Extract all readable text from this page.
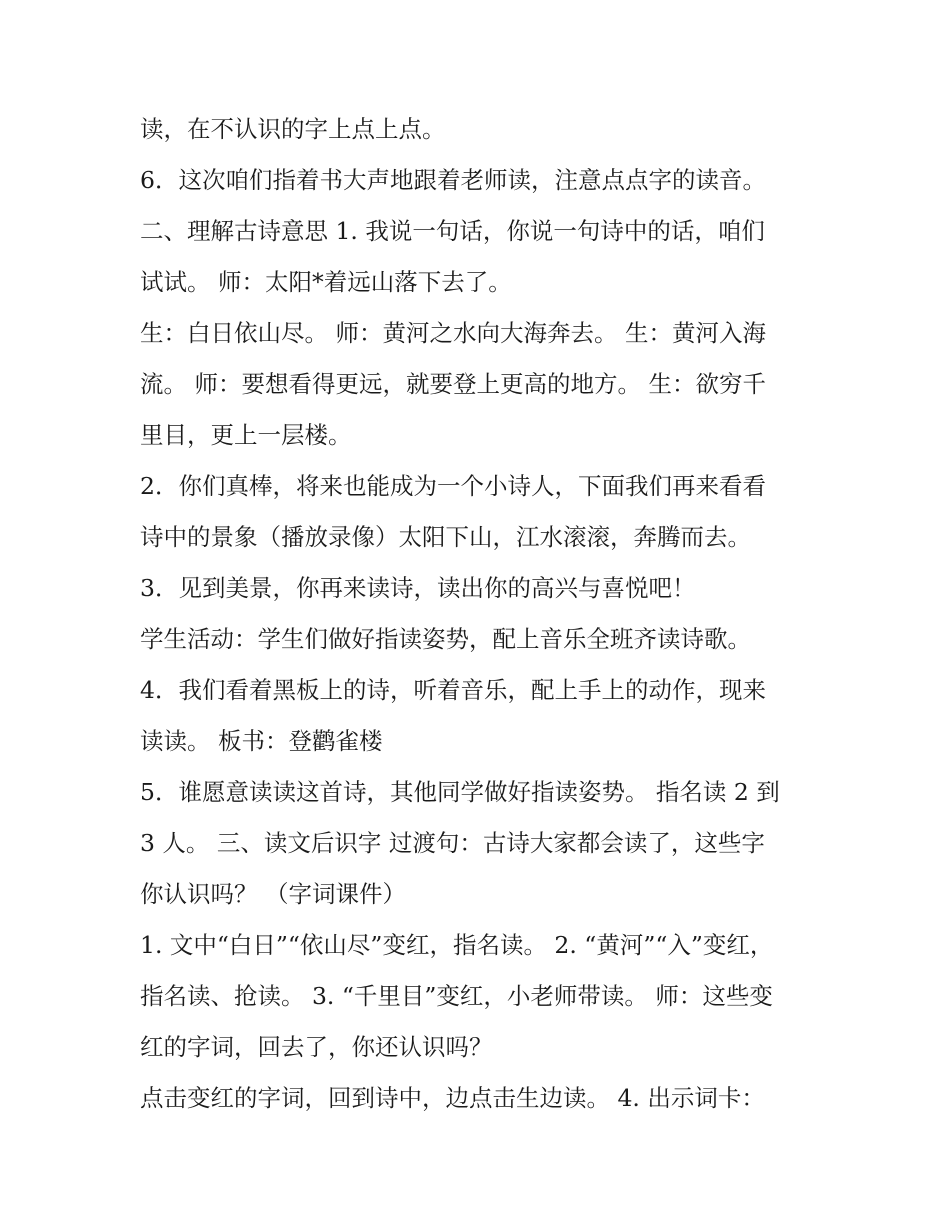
读，在不认识的字上点上点。
6．这次咱们指着书大声地跟着老师读，注意点点字的读音。
二、理解古诗意思 1. 我说一句话，你说一句诗中的话，咱们
试试。 师：太阳*着远山落下去了。
生：白日依山尽。 师：黄河之水向大海奔去。 生：黄河入海
流。 师：要想看得更远，就要登上更高的地方。 生：欲穷千
里目，更上一层楼。
2．你们真棒，将来也能成为一个小诗人，下面我们再来看看
诗中的景象（播放录像）太阳下山，江水滚滚，奔腾而去。
3．见到美景，你再来读诗，读出你的高兴与喜悦吧！
学生活动：学生们做好指读姿势，配上音乐全班齐读诗歌。
4．我们看着黑板上的诗，听着音乐，配上手上的动作，现来
读读。 板书：登鹳雀楼
5．谁愿意读读这首诗，其他同学做好指读姿势。 指名读 2 到
3 人。 三、读文后识字 过渡句：古诗大家都会读了，这些字
你认识吗？ （字词课件）
1. 文中“白日”“依山尽”变红，指名读。 2. “黄河”“入”变红，
指名读、抢读。 3. “千里目”变红，小老师带读。 师：这些变
红的字词，回去了，你还认识吗？
点击变红的字词，回到诗中，边点击生边读。 4. 出示词卡：
